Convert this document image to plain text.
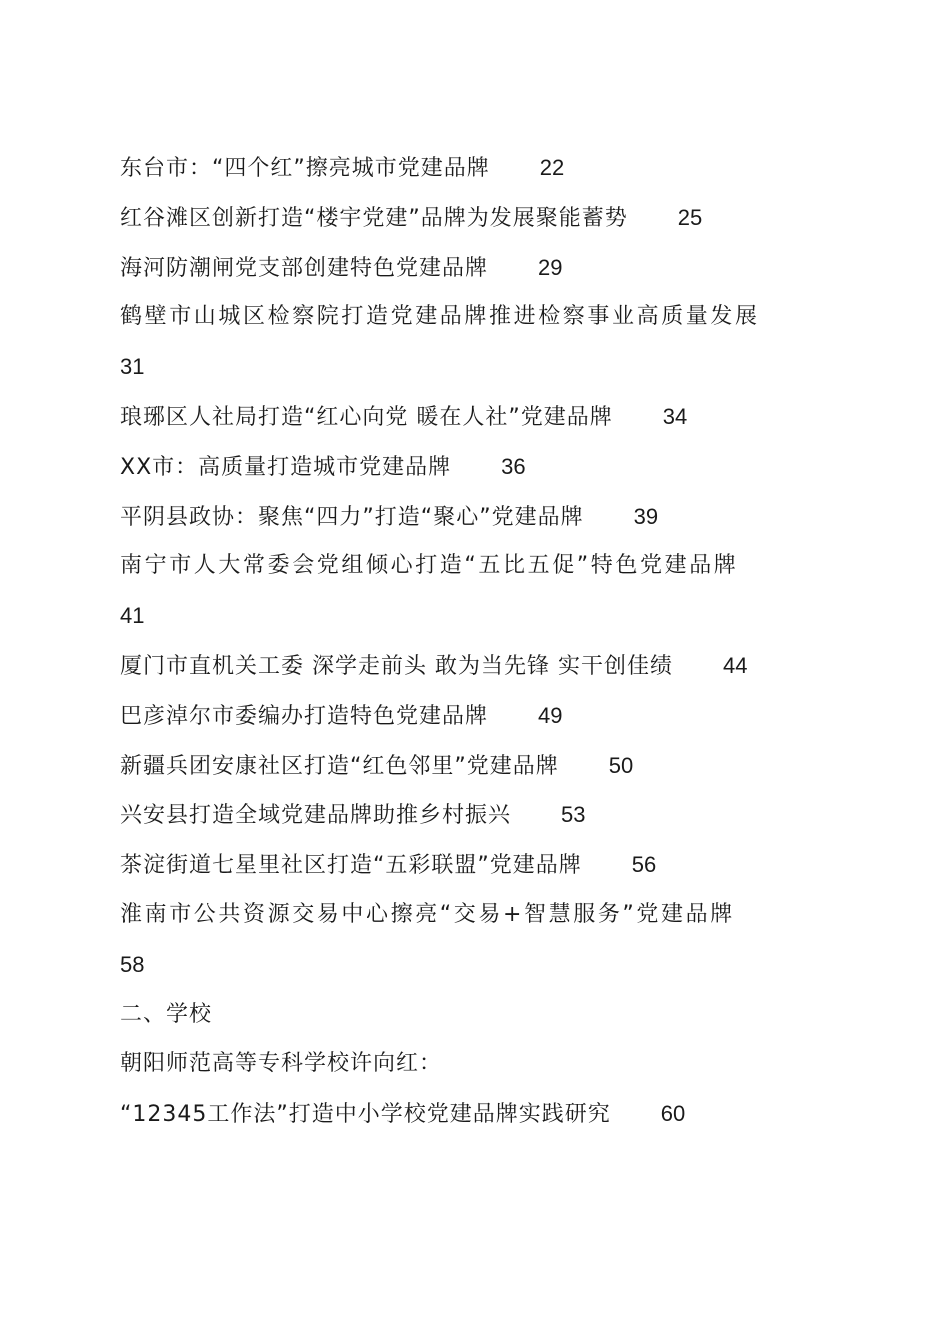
东台市：“四个红”擦亮城市党建品牌 22
红谷滩区创新打造“楼宇党建”品牌为发展聚能蓄势 25
海河防潮闸党支部创建特色党建品牌 29
鹤壁市山城区检察院打造党建品牌推进检察事业高质量发展
31
琅琊区人社局打造“红心向党 暖在人社”党建品牌 34
XX市：高质量打造城市党建品牌 36
平阴县政协：聚焦“四力”打造“聚心”党建品牌 39
南宁市人大常委会党组倾心打造“五比五促”特色党建品牌
41
厦门市直机关工委 深学走前头 敢为当先锋 实干创佳绩 44
巴彦淖尔市委编办打造特色党建品牌 49
新疆兵团安康社区打造“红色邻里”党建品牌 50
兴安县打造全域党建品牌助推乡村振兴 53
茶淀街道七星里社区打造“五彩联盟”党建品牌 56
淮南市公共资源交易中心擦亮“交易+智慧服务”党建品牌
58
二、学校
朝阳师范高等专科学校许向红：
“12345工作法”打造中小学校党建品牌实践研究 60
